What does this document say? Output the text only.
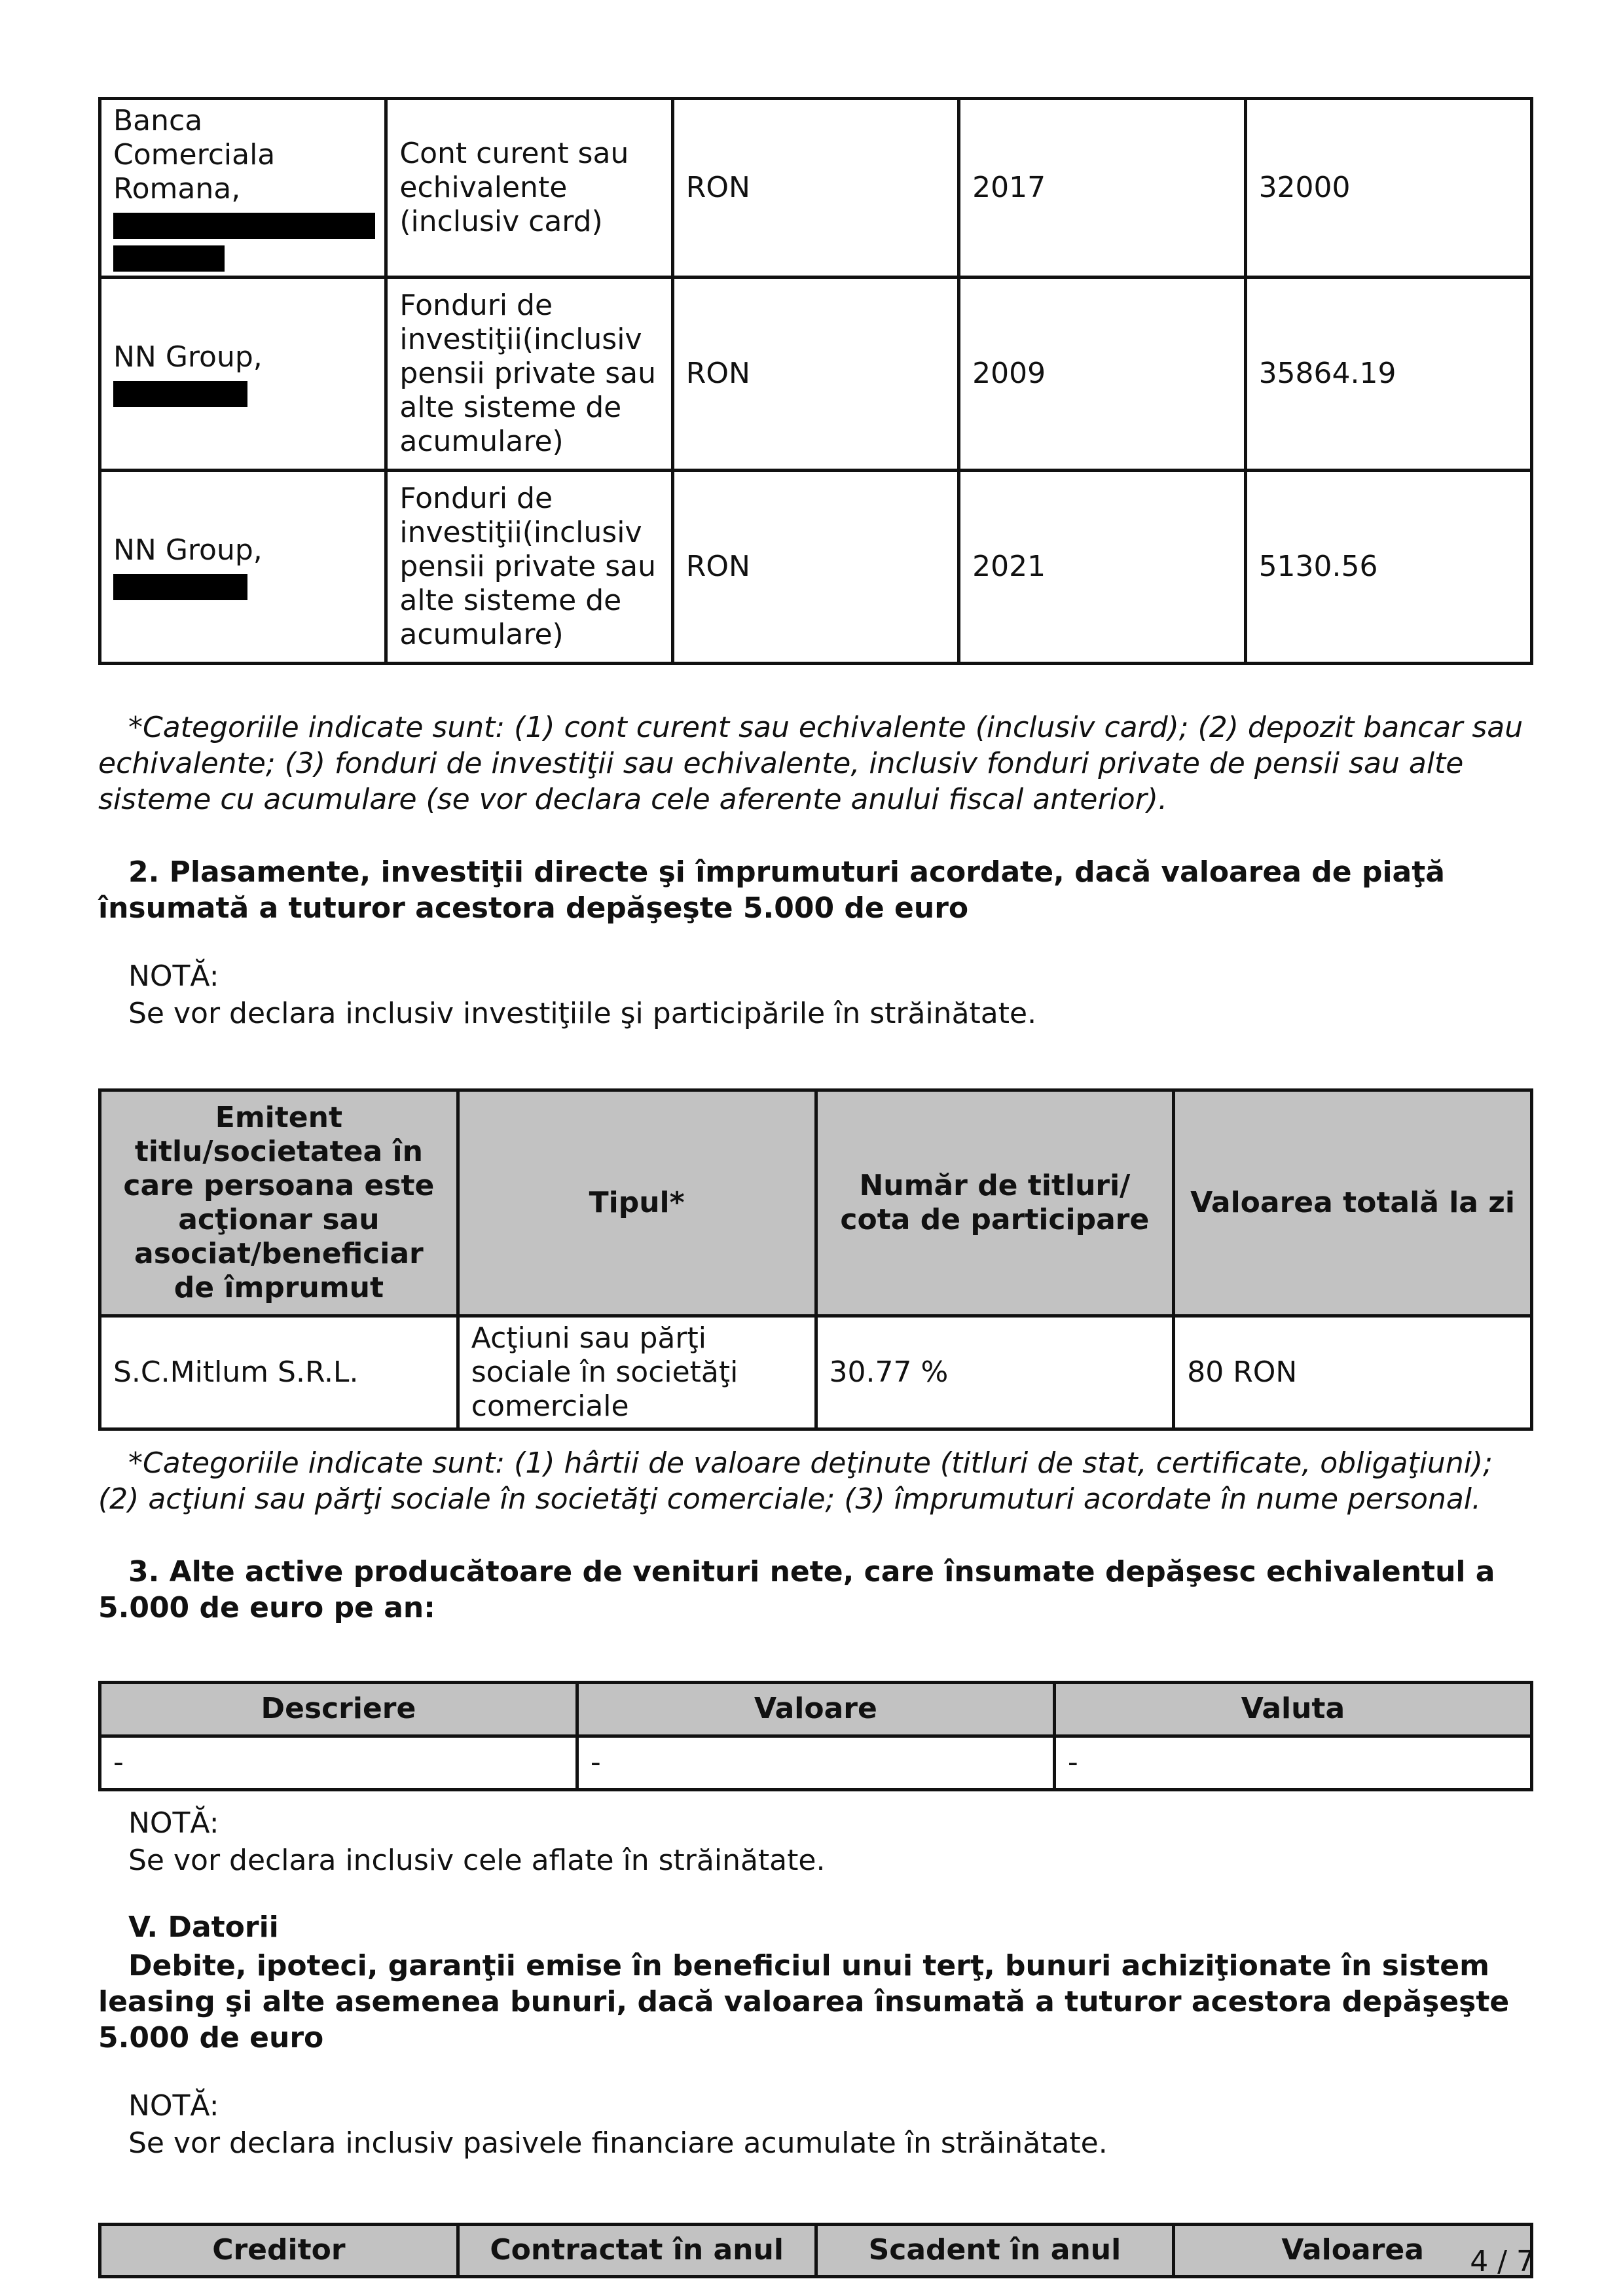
Banca Comerciala Romana,	Cont curent sau echivalente (inclusiv card)	RON	2017	32000
NN Group,	Fonduri de investiţii(inclusiv pensii private sau alte sisteme de acumulare)	RON	2009	35864.19
NN Group,	Fonduri de investiţii(inclusiv pensii private sau alte sisteme de acumulare)	RON	2021	5130.56

*Categoriile indicate sunt: (1) cont curent sau echivalente (inclusiv card); (2) depozit bancar sau echivalente; (3) fonduri de investiţii sau echivalente, inclusiv fonduri private de pensii sau alte sisteme cu acumulare (se vor declara cele aferente anului fiscal anterior).

2. Plasamente, investiţii directe şi împrumuturi acordate, dacă valoarea de piaţă însumată a tuturor acestora depăşeşte 5.000 de euro

NOTĂ:

Se vor declara inclusiv investiţiile şi participările în străinătate.

Emitent titlu/societatea în care persoana este acţionar sau asociat/beneficiar de împrumut	Tipul*	Număr de titluri/ cota de participare	Valoarea totală la zi
S.C.Mitlum S.R.L.	Acţiuni sau părţi sociale în societăţi comerciale	30.77 %	80 RON

*Categoriile indicate sunt: (1) hârtii de valoare deţinute (titluri de stat, certificate, obligaţiuni); (2) acţiuni sau părţi sociale în societăţi comerciale; (3) împrumuturi acordate în nume personal.

3. Alte active producătoare de venituri nete, care însumate depăşesc echivalentul a 5.000 de euro pe an:

Descriere	Valoare	Valuta
-	-	-

NOTĂ:

Se vor declara inclusiv cele aflate în străinătate.

V. Datorii

Debite, ipoteci, garanţii emise în beneficiul unui terţ, bunuri achiziţionate în sistem leasing şi alte asemenea bunuri, dacă valoarea însumată a tuturor acestora depăşeşte 5.000 de euro

NOTĂ:

Se vor declara inclusiv pasivele financiare acumulate în străinătate.

Creditor	Contractat în anul	Scadent în anul	Valoarea 4 / 7
